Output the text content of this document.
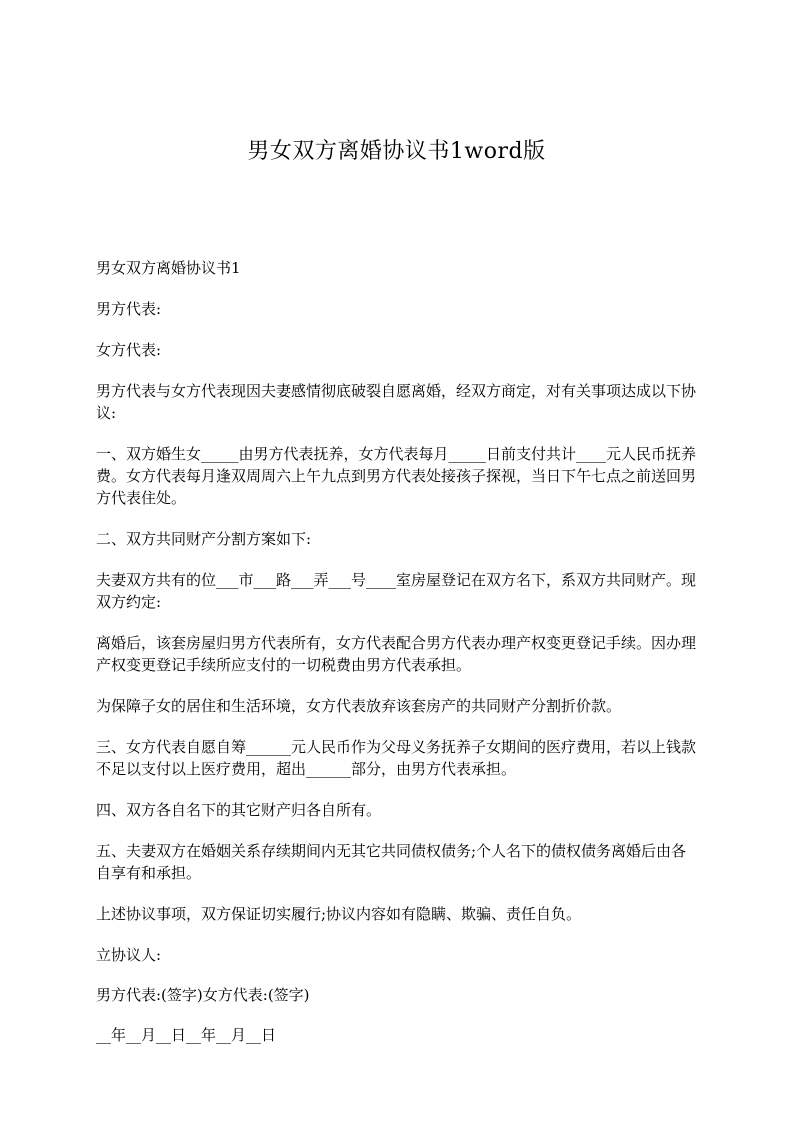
男女双方离婚协议书1word版

男女双方离婚协议书1

男方代表:

女方代表:

男方代表与女方代表现因夫妻感情彻底破裂自愿离婚，经双方商定，对有关事项达成以下协议:

一、双方婚生女_____由男方代表抚养，女方代表每月_____日前支付共计____元人民币抚养费。女方代表每月逢双周周六上午九点到男方代表处接孩子探视，当日下午七点之前送回男方代表住处。

二、双方共同财产分割方案如下:

夫妻双方共有的位___市___路___弄___号____室房屋登记在双方名下，系双方共同财产。现双方约定:

离婚后，该套房屋归男方代表所有，女方代表配合男方代表办理产权变更登记手续。因办理产权变更登记手续所应支付的一切税费由男方代表承担。

为保障子女的居住和生活环境，女方代表放弃该套房产的共同财产分割折价款。

三、女方代表自愿自筹______元人民币作为父母义务抚养子女期间的医疗费用，若以上钱款不足以支付以上医疗费用，超出______部分，由男方代表承担。

四、双方各自名下的其它财产归各自所有。

五、夫妻双方在婚姻关系存续期间内无其它共同债权债务;个人名下的债权债务离婚后由各自享有和承担。

上述协议事项，双方保证切实履行;协议内容如有隐瞒、欺骗、责任自负。

立协议人:

男方代表:(签字)女方代表:(签字)

__年__月__日__年__月__日
